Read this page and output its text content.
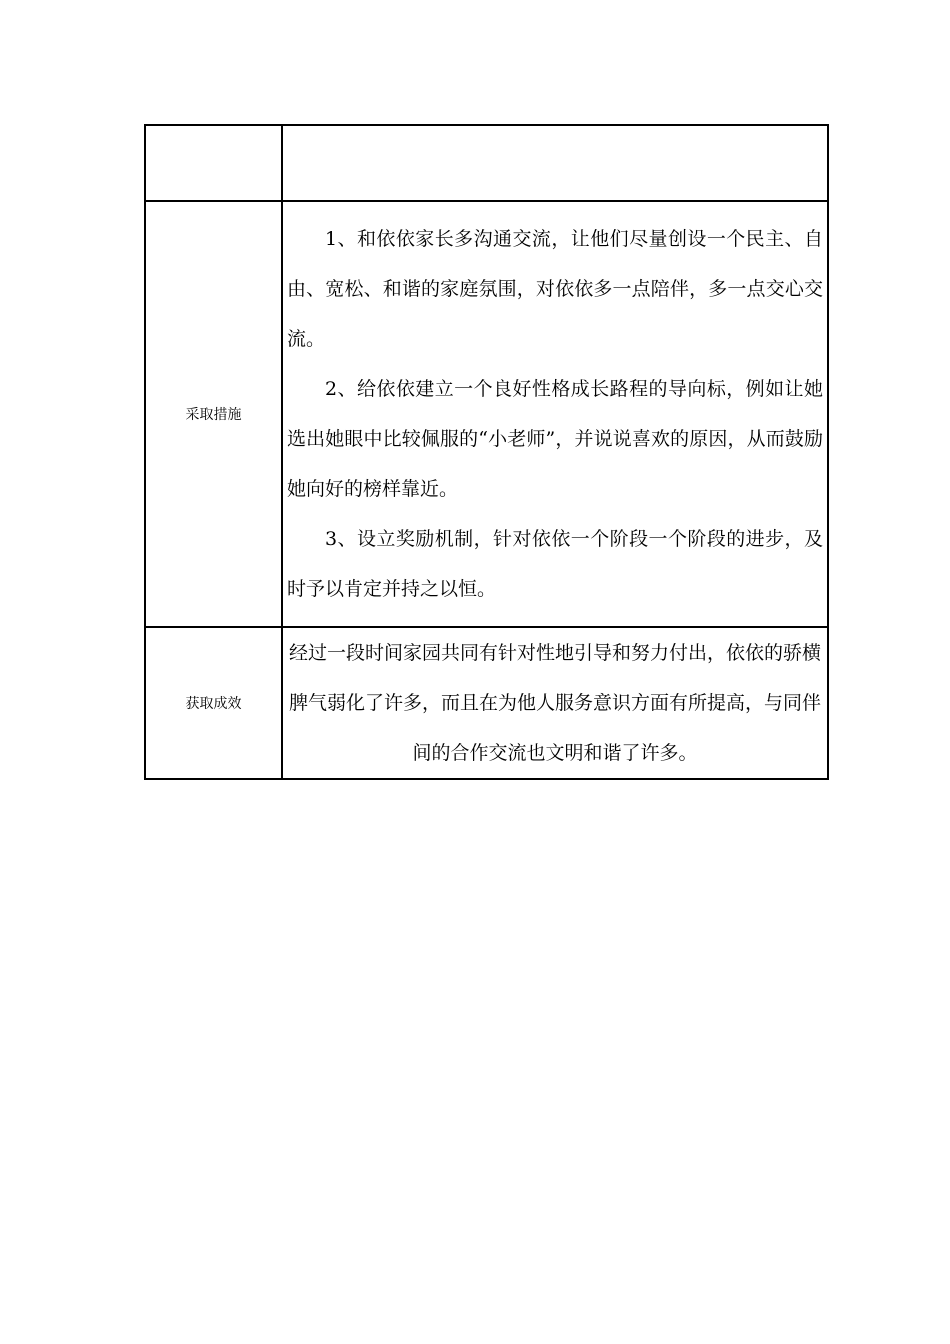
采取措施	1、和依依家长多沟通交流，让他们尽量创设一个民主、自由、宽松、和谐的家庭氛围，对依依多一点陪伴，多一点交心交流。

2、给依依建立一个良好性格成长路程的导向标，例如让她选出她眼中比较佩服的“小老师”，并说说喜欢的原因，从而鼓励她向好的榜样靠近。

3、设立奖励机制，针对依依一个阶段一个阶段的进步，及时予以肯定并持之以恒。

获取成效	经过一段时间家园共同有针对性地引导和努力付出，依依的骄横脾气弱化了许多，而且在为他人服务意识方面有所提高，与同伴间的合作交流也文明和谐了许多。
